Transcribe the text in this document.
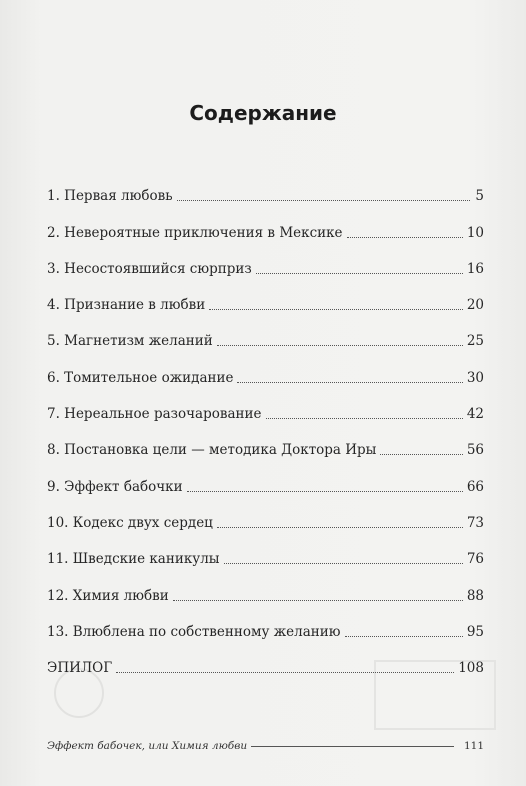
Содержание
1. Первая любовь	5
2. Невероятные приключения в Мексике	10
3. Несостоявшийся сюрприз	16
4. Признание в любви	20
5. Магнетизм желаний	25
6. Томительное ожидание	30
7. Нереальное разочарование	42
8. Постановка цели — методика Доктора Иры	56
9. Эффект бабочки	66
10. Кодекс двух сердец	73
11. Шведские каникулы	76
12. Химия любви	88
13. Влюблена по собственному желанию	95
ЭПИЛОГ	108
Эффект бабочек, или Химия любви	111
